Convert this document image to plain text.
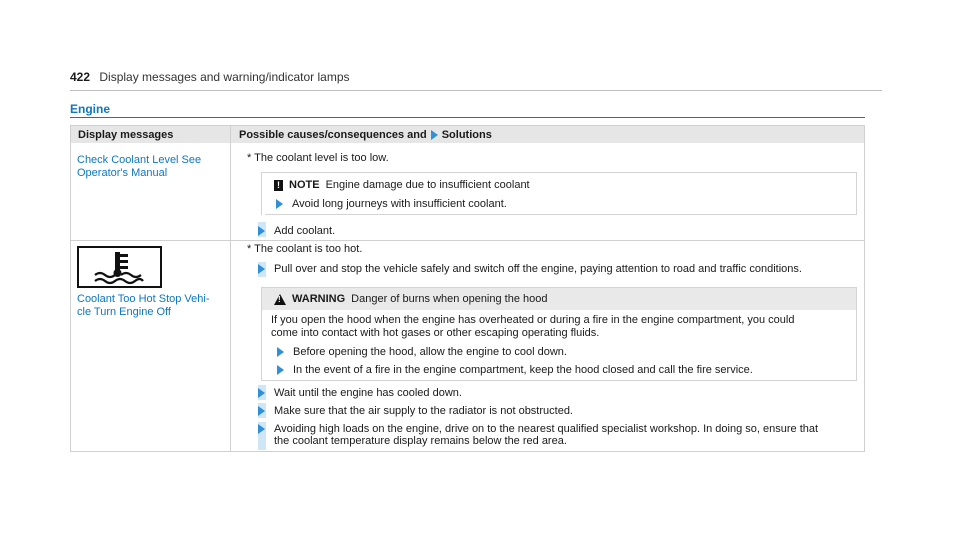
422 Display messages and warning/indicator lamps
Engine
Display messages	Possible causes/consequences and Solutions
Check Coolant Level See
Operator's Manual
* The coolant level is too low.
! NOTE Engine damage due to insufficient coolant
Avoid long journeys with insufficient coolant.
Add coolant.
Coolant Too Hot Stop Vehi-
cle Turn Engine Off
* The coolant is too hot.
Pull over and stop the vehicle safely and switch off the engine, paying attention to road and traffic conditions.
!
WARNING Danger of burns when opening the hood
If you open the hood when the engine has overheated or during a fire in the engine compartment, you could
come into contact with hot gases or other escaping operating fluids.
Before opening the hood, allow the engine to cool down.
In the event of a fire in the engine compartment, keep the hood closed and call the fire service.
Wait until the engine has cooled down.
Make sure that the air supply to the radiator is not obstructed.
Avoiding high loads on the engine, drive on to the nearest qualified specialist workshop. In doing so, ensure that
the coolant temperature display remains below the red area.
